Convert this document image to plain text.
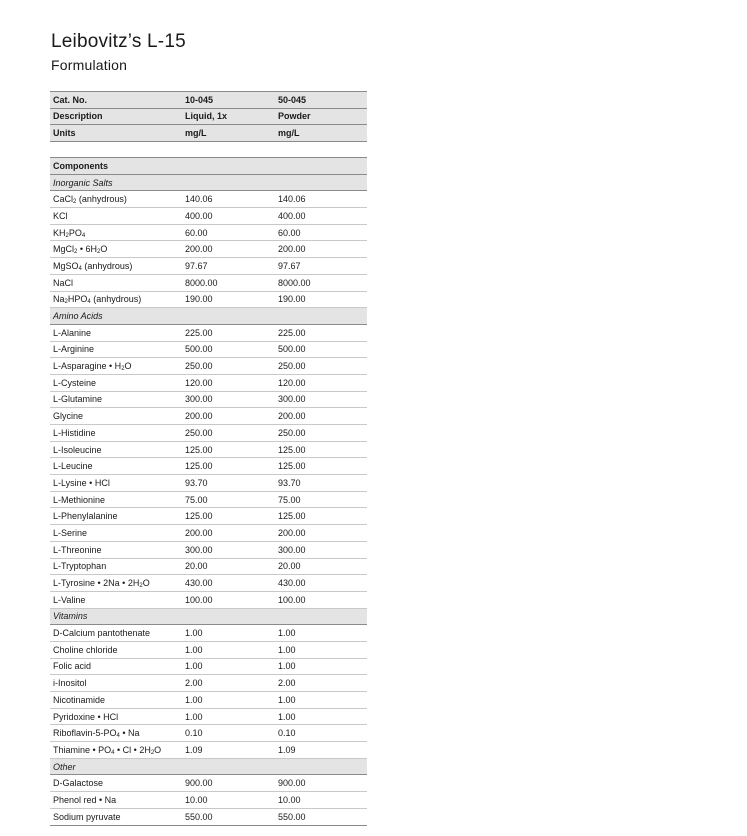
Leibovitz’s L-15
Formulation
Cat. No.	10-045	50-045
Description	Liquid, 1x	Powder
Units	mg/L	mg/L
Components		
Inorganic Salts		
CaCl$_2$ (anhydrous)	140.06	140.06
KCl	400.00	400.00
$KH_2PO_4$	60.00	60.00
MgCl$_2$ • $6H_2O$	200.00	200.00
MgSO$_4$ (anhydrous)	97.67	97.67
NaCl	8000.00	8000.00
$Na_2HPO_4$ (anhydrous)	190.00	190.00
Amino Acids		
L-Alanine	225.00	225.00
L-Arginine	500.00	500.00
L-Asparagine • $H_2O$	250.00	250.00
L-Cysteine	120.00	120.00
L-Glutamine	300.00	300.00
Glycine	200.00	200.00
L-Histidine	250.00	250.00
L-Isoleucine	125.00	125.00
L-Leucine	125.00	125.00
L-Lysine • HCl	93.70	93.70
L-Methionine	75.00	75.00
L-Phenylalanine	125.00	125.00
L-Serine	200.00	200.00
L-Threonine	300.00	300.00
L-Tryptophan	20.00	20.00
L-Tyrosine • 2Na • $2H_2O$	430.00	430.00
L-Valine	100.00	100.00
Vitamins		
D-Calcium pantothenate	1.00	1.00
Choline chloride	1.00	1.00
Folic acid	1.00	1.00
i-Inositol	2.00	2.00
Nicotinamide	1.00	1.00
Pyridoxine • HCl	1.00	1.00
Riboflavin-$5-PO_4$ • Na	0.10	0.10
Thiamine • $PO_4$ • Cl • $2H_2O$	1.09	1.09
Other		
D-Galactose	900.00	900.00
Phenol red • Na	10.00	10.00
Sodium pyruvate	550.00	550.00
